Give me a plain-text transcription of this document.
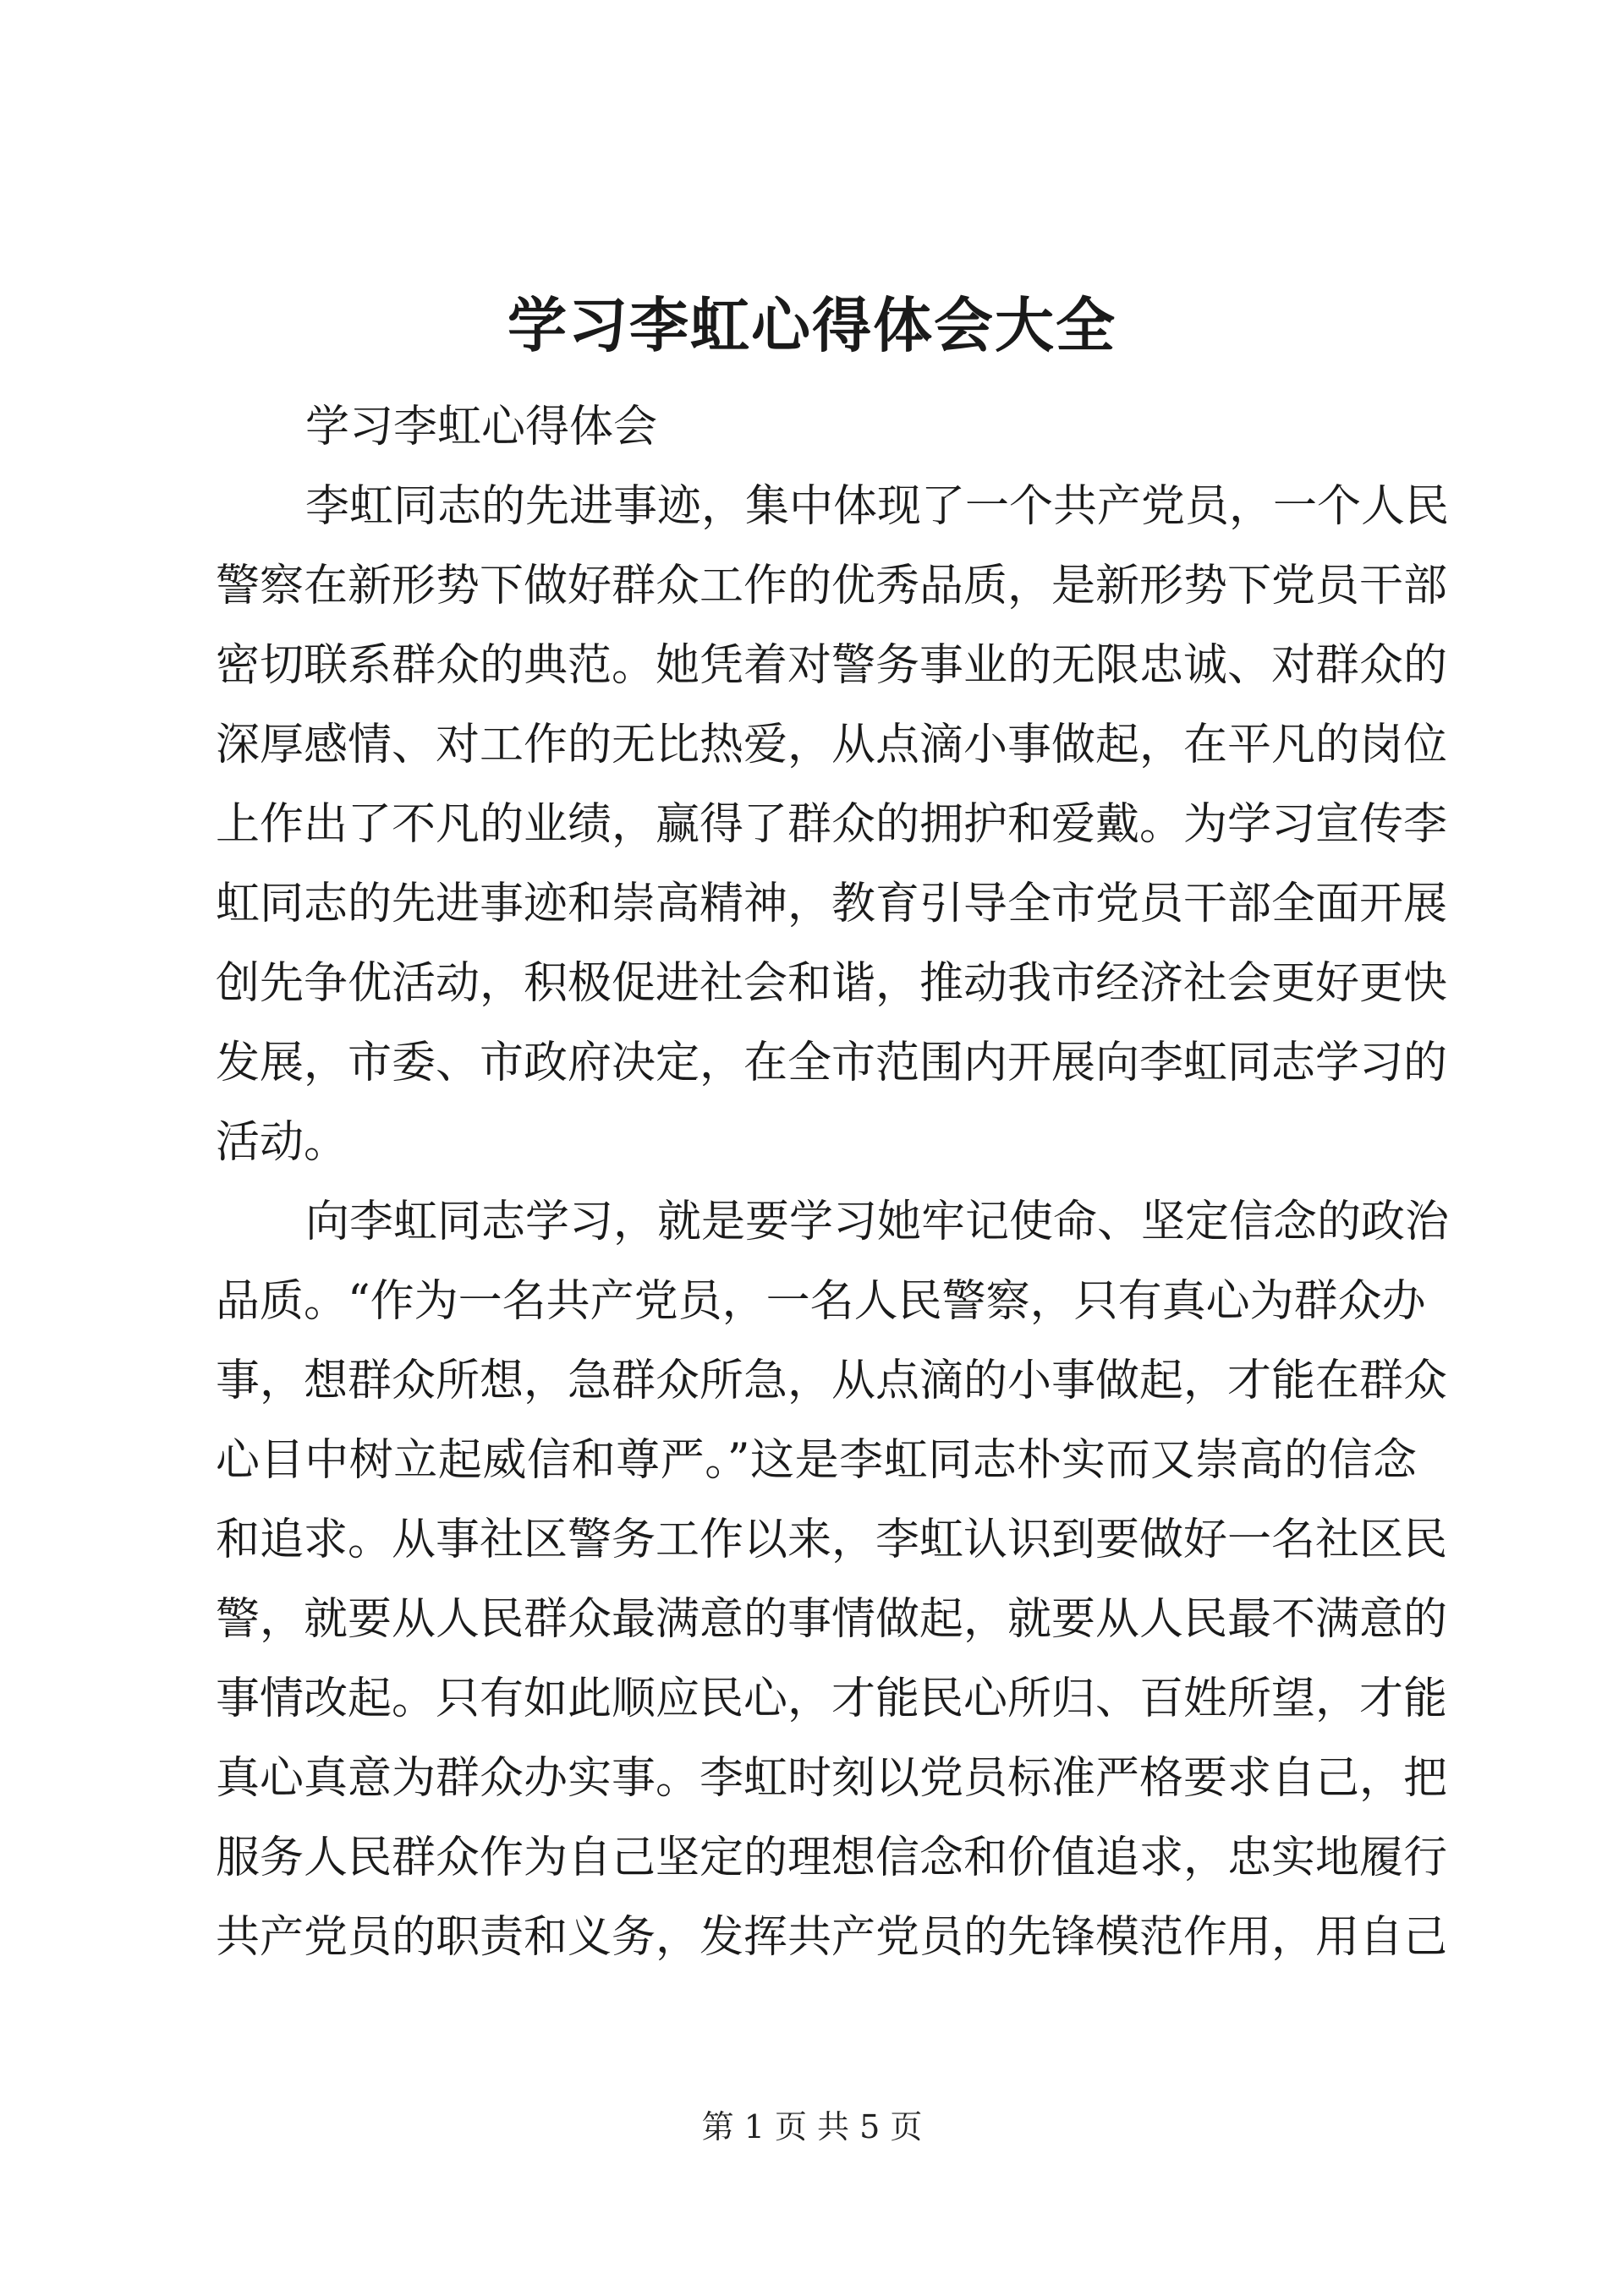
学习李虹心得体会大全
学习李虹心得体会
李虹同志的先进事迹，集中体现了一个共产党员，一个人民
警察在新形势下做好群众工作的优秀品质，是新形势下党员干部
密切联系群众的典范。她凭着对警务事业的无限忠诚、对群众的
深厚感情、对工作的无比热爱，从点滴小事做起，在平凡的岗位
上作出了不凡的业绩，赢得了群众的拥护和爱戴。为学习宣传李
虹同志的先进事迹和崇高精神，教育引导全市党员干部全面开展
创先争优活动，积极促进社会和谐，推动我市经济社会更好更快
发展，市委、市政府决定，在全市范围内开展向李虹同志学习的
活动。
向李虹同志学习，就是要学习她牢记使命、坚定信念的政治
品质。“作为一名共产党员，一名人民警察，只有真心为群众办
事，想群众所想，急群众所急，从点滴的小事做起，才能在群众
心目中树立起威信和尊严。”这是李虹同志朴实而又崇高的信念
和追求。从事社区警务工作以来，李虹认识到要做好一名社区民
警，就要从人民群众最满意的事情做起，就要从人民最不满意的
事情改起。只有如此顺应民心，才能民心所归、百姓所望，才能
真心真意为群众办实事。李虹时刻以党员标准严格要求自己，把
服务人民群众作为自己坚定的理想信念和价值追求，忠实地履行
共产党员的职责和义务，发挥共产党员的先锋模范作用，用自己
第 1 页 共 5 页
